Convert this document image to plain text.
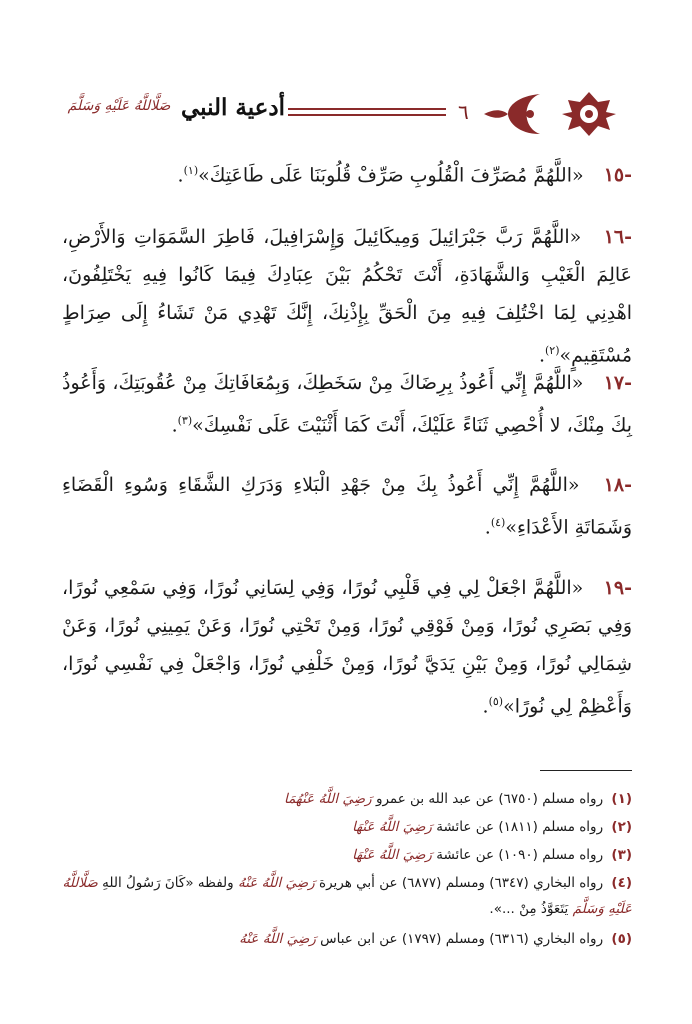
٦
أدعية النبي
صَلَّاللَّهُ عَلَيْهِ وَسَلَّمَ
-١٥ «اللَّهُمَّ مُصَرِّفَ الْقُلُوبِ صَرِّفْ قُلُوبَنَا عَلَى طَاعَتِكَ»$^{(١)}$.
-١٦ «اللَّهُمَّ رَبَّ جَبْرَائِيلَ وَمِيكَائِيلَ وَإِسْرَافِيلَ، فَاطِرَ السَّمَوَاتِ وَالأَرْضِ، عَالِمَ الْغَيْبِ وَالشَّهَادَةِ، أَنْتَ تَحْكُمُ بَيْنَ عِبَادِكَ فِيمَا كَانُوا فِيهِ يَخْتَلِفُونَ، اهْدِنِي لِمَا اخْتُلِفَ فِيهِ مِنَ الْحَقِّ بِإِذْنِكَ، إِنَّكَ تَهْدِي مَنْ تَشَاءُ إِلَى صِرَاطٍ مُسْتَقِيمٍ»$^{(٢)}$.
-١٧ «اللَّهُمَّ إِنِّي أَعُوذُ بِرِضَاكَ مِنْ سَخَطِكَ، وَبِمُعَافَاتِكَ مِنْ عُقُوبَتِكَ، وَأَعُوذُ بِكَ مِنْكَ، لا أُحْصِي ثَنَاءً عَلَيْكَ، أَنْتَ كَمَا أَثْنَيْتَ عَلَى نَفْسِكَ»$^{(٣)}$.
-١٨ «اللَّهُمَّ إِنِّي أَعُوذُ بِكَ مِنْ جَهْدِ الْبَلاءِ وَدَرَكِ الشَّقَاءِ وَسُوءِ الْقَضَاءِ وَشَمَاتَةِ الأَعْدَاءِ»$^{(٤)}$.
-١٩ «اللَّهُمَّ اجْعَلْ لِي فِي قَلْبِي نُورًا، وَفِي لِسَانِي نُورًا، وَفِي سَمْعِي نُورًا، وَفِي بَصَرِي نُورًا، وَمِنْ فَوْقِي نُورًا، وَمِنْ تَحْتِي نُورًا، وَعَنْ يَمِينِي نُورًا، وَعَنْ شِمَالِي نُورًا، وَمِنْ بَيْنِ يَدَيَّ نُورًا، وَمِنْ خَلْفِي نُورًا، وَاجْعَلْ فِي نَفْسِي نُورًا، وَأَعْظِمْ لِي نُورًا»$^{(٥)}$.
(١) رواه مسلم (٦٧٥٠) عن عبد الله بن عمرو رَضِيَ اللَّهُ عَنْهُمَا
(٢) رواه مسلم (١٨١١) عن عائشة رَضِيَ اللَّهُ عَنْهَا
(٣) رواه مسلم (١٠٩٠) عن عائشة رَضِيَ اللَّهُ عَنْهَا
(٤) رواه البخاري (٦٣٤٧) ومسلم (٦٨٧٧) عن أبي هريرة رَضِيَ اللَّهُ عَنْهُ ولفظه «كَانَ رَسُولُ اللهِ صَلَّاللَّهُ عَلَيْهِ وَسَلَّمَ يَتَعَوَّذُ مِنْ ...».
(٥) رواه البخاري (٦٣١٦) ومسلم (١٧٩٧) عن ابن عباس رَضِيَ اللَّهُ عَنْهُ
